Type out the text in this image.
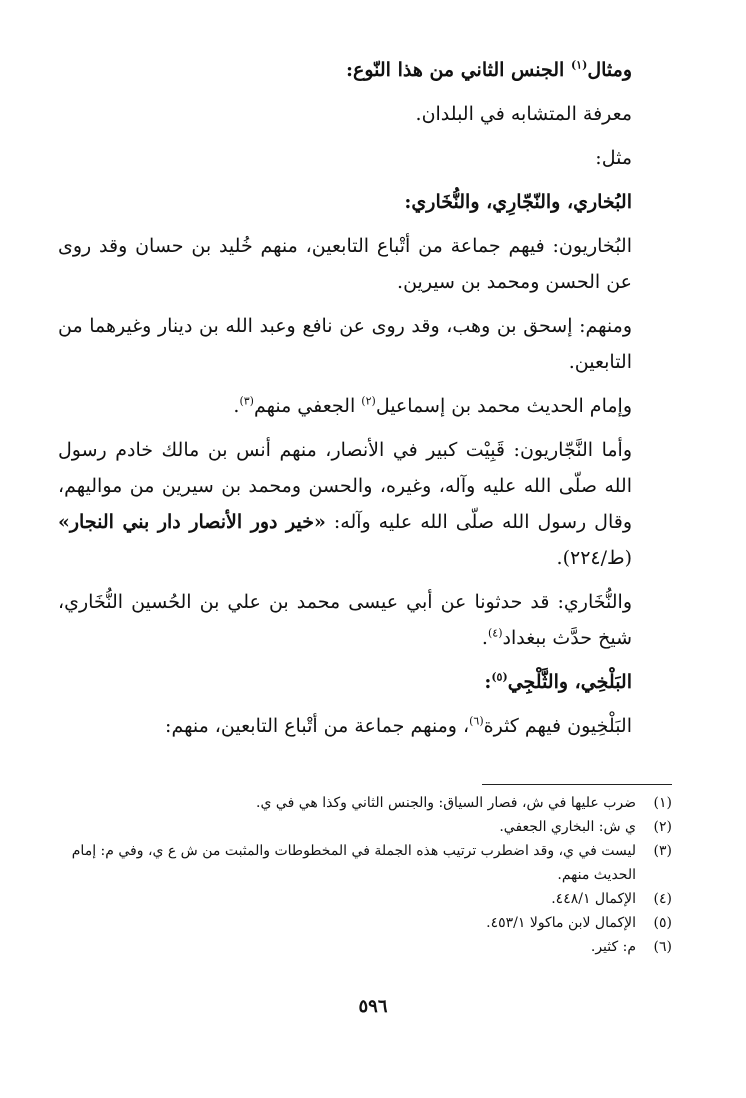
ومثال$^{(١)}$ الجنس الثاني من هذا النّوع:
معرفة المتشابه في البلدان.
مثل:
البُخاري، والنّجّارِي، والنُّخَاري:
البُخاريون: فيهم جماعة من أتْباع التابعين، منهم خُليد بن حسان وقد روى عن الحسن ومحمد بن سيرين.
ومنهم: إسحق بن وهب، وقد روى عن نافع وعبد الله بن دينار وغيرهما من التابعين.
وإمام الحديث محمد بن إسماعيل$^{(٢)}$ الجعفي منهم$^{(٣)}$.
وأما النَّجّاريون: قَبِيْت كبير في الأنصار، منهم أنس بن مالك خادم رسول الله صلّى الله عليه وآله، وغيره، والحسن ومحمد بن سيرين من مواليهم، وقال رسول الله صلّى الله عليه وآله: «خير دور الأنصار دار بني النجار» (ط/٢٢٤).
والنُّخَاري: قد حدثونا عن أبي عيسى محمد بن علي بن الحُسين النُّخَاري، شيخ حدَّث ببغداد$^{(٤)}$.
البَلْخِي، والثَّلْجِي$^{(٥)}$:
البَلْخِيون فيهم كثرة$^{(٦)}$، ومنهم جماعة من أتْباع التابعين، منهم:
(١)
ضرب عليها في ش، فصار السياق: والجنس الثاني وكذا هي في ي.
(٢)
ي ش: البخاري الجعفي.
(٣)
ليست في ي، وقد اضطرب ترتيب هذه الجملة في المخطوطات والمثبت من ش ع ي، وفي م: إمام الحديث منهم.
(٤)
الإكمال ٤٤٨/١.
(٥)
الإكمال لابن ماكولا ٤٥٣/١.
(٦)
م: كثير.
٥٩٦
